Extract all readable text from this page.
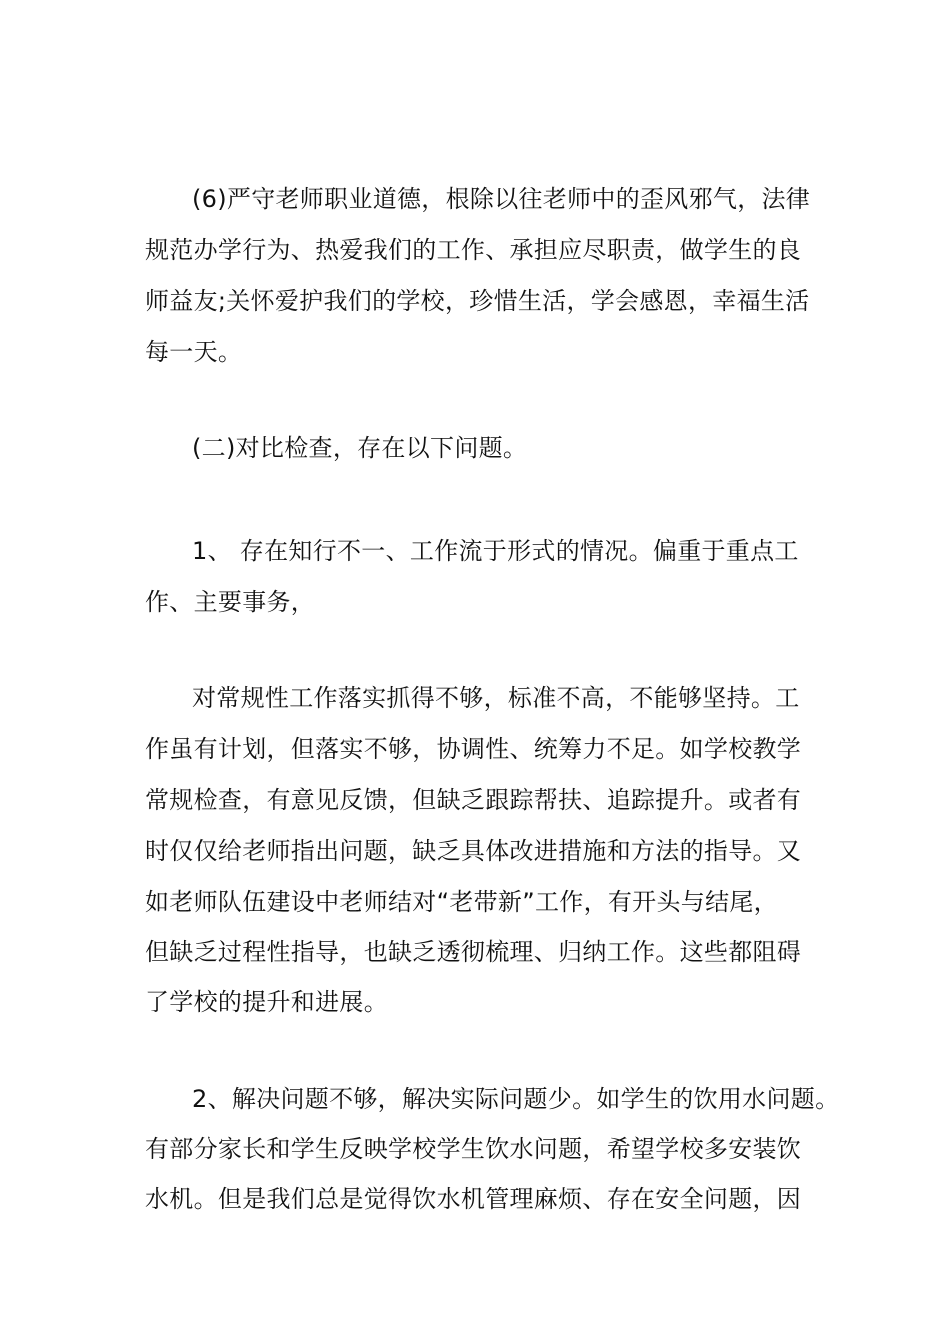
(6)严守老师职业道德，根除以往老师中的歪风邪气，法律
规范办学行为、热爱我们的工作、承担应尽职责，做学生的良
师益友;关怀爱护我们的学校，珍惜生活，学会感恩，幸福生活
每一天。
(二)对比检查，存在以下问题。
1、 存在知行不一、工作流于形式的情况。偏重于重点工
作、主要事务，
对常规性工作落实抓得不够，标准不高，不能够坚持。工
作虽有计划，但落实不够，协调性、统筹力不足。如学校教学
常规检查，有意见反馈，但缺乏跟踪帮扶、追踪提升。或者有
时仅仅给老师指出问题，缺乏具体改进措施和方法的指导。又
如老师队伍建设中老师结对“老带新”工作，有开头与结尾，
但缺乏过程性指导，也缺乏透彻梳理、归纳工作。这些都阻碍
了学校的提升和进展。
2、解决问题不够，解决实际问题少。如学生的饮用水问题。
有部分家长和学生反映学校学生饮水问题，希望学校多安装饮
水机。但是我们总是觉得饮水机管理麻烦、存在安全问题，因
